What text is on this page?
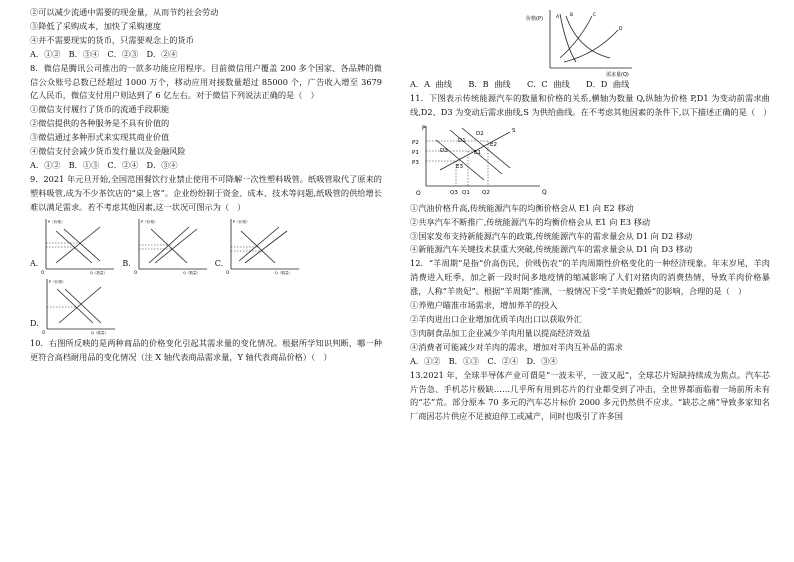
②可以减少流通中需要的现金量，从而节约社会劳动
③降低了采购成本，加快了采购速度
④并不需要现实的货币，只需要观念上的货币
A．①②　B．③④　C．②③　D．②④
8．微信是腾讯公司推出的一款多功能应用程序。目前微信用户覆盖 200 多个国家、各品牌的微信公众账号总数已经超过 1000 万个，移动应用对接数量超过 85000 个，广告收入增至 3679 亿人民币，微信支付用户则达到了 6 亿左右。对于微信下列说法正确的是（　）
①微信支付履行了货币的流通手段职能
②微信提供的各种服务是不具有价值的
③微信通过多种形式来实现其商业价值
④微信支付会减少货币发行量以及金融风险
A．①②　B．①③　C．②④　D．③④
9．2021 年元旦开始,全国范围餐饮行业禁止使用不可降解一次性塑料吸管。纸吸管取代了原来的塑料吸管,成为不少茶饮店的“桌上客”。企业纷纷制于资金、成本、技术等问题,纸吸管的供给增长难以满足需求。若不考虑其他因素,这一状况可图示为（　）
A.
P（价格）
Q（数量）
O
B.
P（价格）
Q（数量）
O
C.
P（价格）
Q（数量）
O
D.
P（价格）
Q（数量）
O
10．右图所反映的是两种商品的价格变化引起其需求量的变化情况。根据所学知识判断，哪一种更符合高档耐用品的变化情况（注 X 轴代表商品需求量，Y 轴代表商品价格）（　）
价格(P)
需求量(Q)
A B	C
D
A．A 曲线　　B．B 曲线　　C．C 曲线　　D．D 曲线
11．下图表示传统能源汽车的数量和价格的关系,横轴为数量 Q,纵轴为价格 P,D1 为变动前需求曲线,D2、D3 为变动后需求曲线,S 为供给曲线。在不考虑其他因素的条件下,以下描述正确的是（　）
P
Q
O
P2
P1
P3
Q3 Q1 Q2
D2
D1
D3
S
E2
E1
E3
①汽油价格升高,传统能源汽车的均衡价格会从 E1 向 E2 移动
②共享汽车不断推广,传统能源汽车的均衡价格会从 E1 向 E3 移动
③国家发布支持新能源汽车的政策,传统能源汽车的需求量会从 D1 向 D2 移动
④新能源汽车关键技术获重大突破,传统能源汽车的需求量会从 D1 向 D3 移动
12．“羊周期”是指“价高伤民，价贱伤农”的羊肉周期性价格变化的一种经济现象。年末岁尾，羊肉消费进入旺季，加之新一段时间多地疫情的缩减影响了人们对猪肉的消费热情，导致羊肉价格暴涨，人称“羊贵妃”。根据“羊周期”推测，一般情况下受“羊贵妃撒娇”的影响，合理的是（　）
①养殖户瞄准市场需求，增加养羊的投入
②羊肉进出口企业增加优质羊肉出口以获取外汇
③肉制食品加工企业减少羊肉用量以提高经济效益
④消费者可能减少对羊肉的需求，增加对羊肉互补品的需求
A．①②　B．①③　C．②④　D．③④
13.2021 年，全球半导体产业可谓是“一波未平，一波又起”，全球芯片短缺持续成为焦点。汽车芯片告急、手机芯片极缺……几乎所有用到芯片的行业都受到了冲击，全世界都面临着一场前所未有的“芯”荒。部分原本 70 多元的汽车芯片标价 2000 多元仍然供不应求。“缺芯之痛”导致多家知名厂商因芯片供应不足被迫停工或减产，同时也吸引了许多国
